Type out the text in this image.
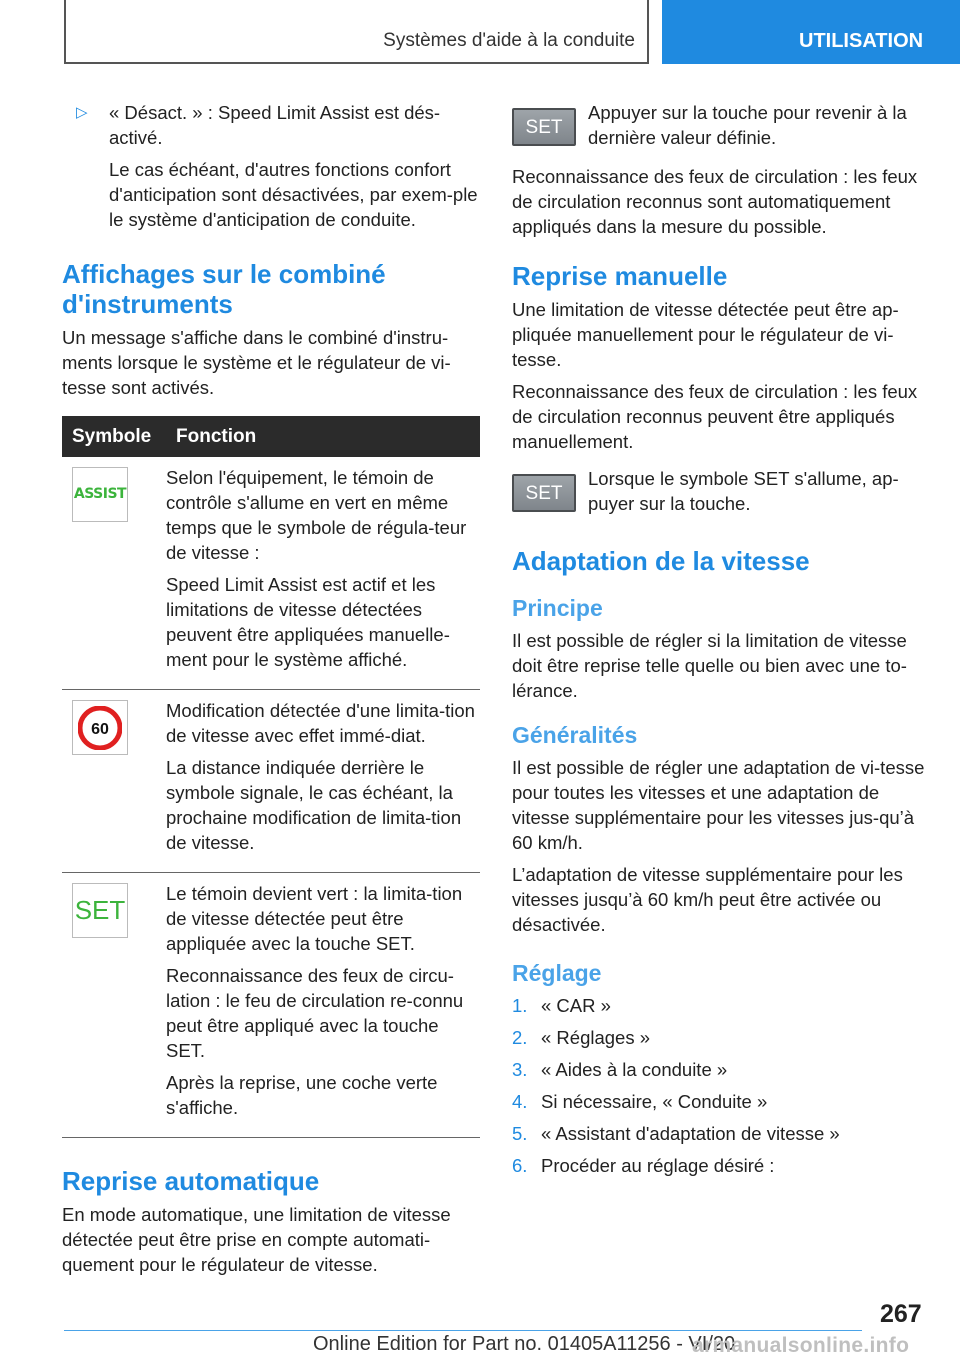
Systèmes d'aide à la conduite	UTILISATION
▷	« Désact. » : Speed Limit Assist est dés-activé.

Le cas échéant, d'autres fonctions confort d'anticipation sont désactivées, par exem-ple le système d'anticipation de conduite.

Affichages sur le combiné d'instruments

Un message s'affiche dans le combiné d'instru-ments lorsque le système et le régulateur de vi-tesse sont activés.

Symbole	Fonction

ASSIST	Selon l'équipement, le témoin de contrôle s'allume en vert en même temps que le symbole de régula-teur de vitesse :

Speed Limit Assist est actif et les limitations de vitesse détectées peuvent être appliquées manuelle-ment pour le système affiché.

60	Modification détectée d'une limita-tion de vitesse avec effet immé-diat.

La distance indiquée derrière le symbole signale, le cas échéant, la prochaine modification de limita-tion de vitesse.

SET	Le témoin devient vert : la limita-tion de vitesse détectée peut être appliquée avec la touche SET.

Reconnaissance des feux de circu-lation : le feu de circulation re-connu peut être appliqué avec la touche SET.

Après la reprise, une coche verte s'affiche.

Reprise automatique

En mode automatique, une limitation de vitesse détectée peut être prise en compte automati-quement pour le régulateur de vitesse.

SET
Appuyer sur la touche pour revenir à la dernière valeur définie.

Reconnaissance des feux de circulation : les feux de circulation reconnus sont automatiquement appliqués dans la mesure du possible.

Reprise manuelle

Une limitation de vitesse détectée peut être ap-pliquée manuellement pour le régulateur de vi-tesse.

Reconnaissance des feux de circulation : les feux de circulation reconnus peuvent être appliqués manuellement.

SET
Lorsque le symbole SET s'allume, ap-puyer sur la touche.
Adaptation de la vitesse
Principe

Il est possible de régler si la limitation de vitesse doit être reprise telle quelle ou bien avec une to-lérance.

Généralités

Il est possible de régler une adaptation de vi-tesse pour toutes les vitesses et une adaptation de vitesse supplémentaire pour les vitesses jus-qu’à 60 km/h.

L’adaptation de vitesse supplémentaire pour les vitesses jusqu’à 60 km/h peut être activée ou désactivée.

Réglage
1. « CAR »
2. « Réglages »
3. « Aides à la conduite »
4. Si nécessaire, « Conduite »
5. « Assistant d'adaptation de vitesse »
6. Procéder au réglage désiré :
267
Online Edition for Part no. 01405A11256 - VI/20
armanualsonline.info
